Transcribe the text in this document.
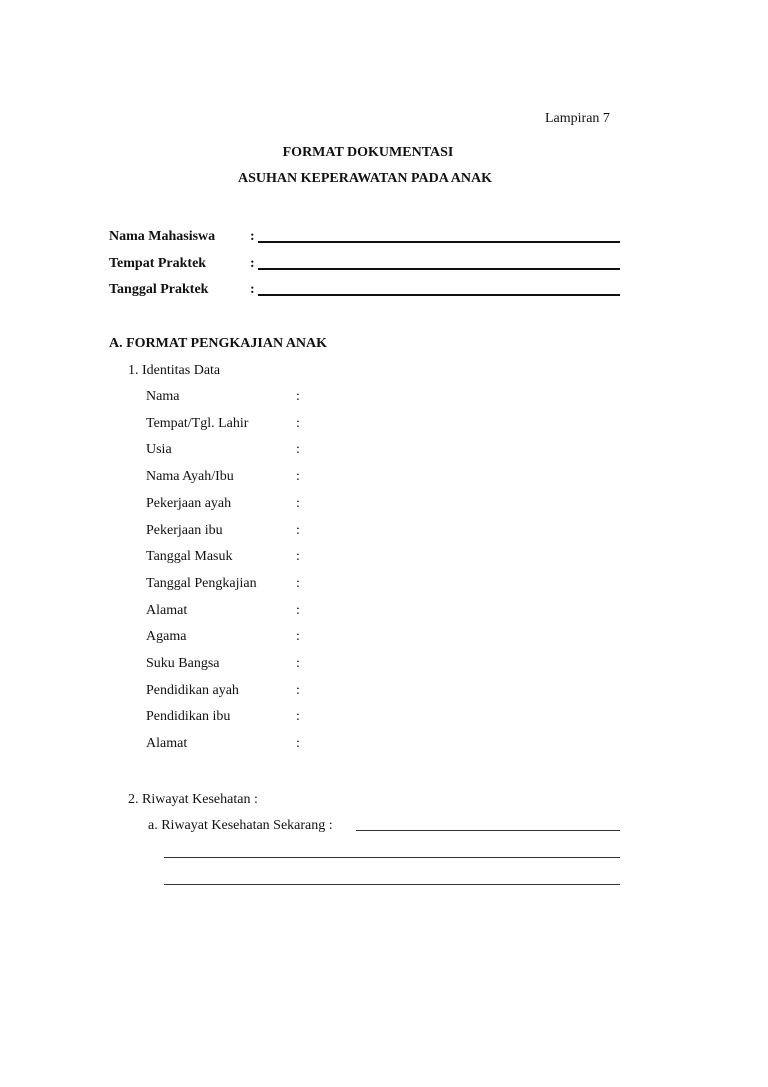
Lampiran 7
FORMAT DOKUMENTASI
ASUHAN KEPERAWATAN PADA ANAK
Nama Mahasiswa :
Tempat Praktek	:
Tanggal Praktek	:
Nama	:
Tempat/Tgl. Lahir	:
Usia	:
Nama Ayah/Ibu	:
Pekerjaan ayah	:
Pekerjaan ibu	:
Tanggal Masuk	:
Tanggal Pengkajian	:
Alamat	:
Agama	:
Suku Bangsa	:
Pendidikan ayah	:
Pendidikan ibu	:
Alamat	:
A. FORMAT PENGKAJIAN ANAK
1. Identitas Data
2. Riwayat Kesehatan :
a. Riwayat Kesehatan Sekarang :
